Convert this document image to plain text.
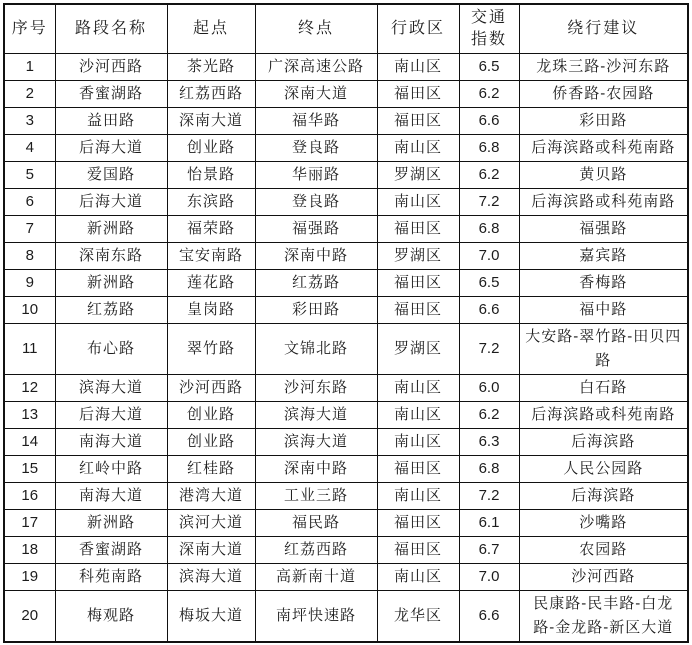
序号	路段名称	起点	终点	行政区	交通指数	绕行建议
1	沙河西路	茶光路	广深高速公路	南山区	6.5	龙珠三路-沙河东路
2	香蜜湖路	红荔西路	深南大道	福田区	6.2	侨香路-农园路
3	益田路	深南大道	福华路	福田区	6.6	彩田路
4	后海大道	创业路	登良路	南山区	6.8	后海滨路或科苑南路
5	爱国路	怡景路	华丽路	罗湖区	6.2	黄贝路
6	后海大道	东滨路	登良路	南山区	7.2	后海滨路或科苑南路
7	新洲路	福荣路	福强路	福田区	6.8	福强路
8	深南东路	宝安南路	深南中路	罗湖区	7.0	嘉宾路
9	新洲路	莲花路	红荔路	福田区	6.5	香梅路
10	红荔路	皇岗路	彩田路	福田区	6.6	福中路
11	布心路	翠竹路	文锦北路	罗湖区	7.2	大安路-翠竹路-田贝四路
12	滨海大道	沙河西路	沙河东路	南山区	6.0	白石路
13	后海大道	创业路	滨海大道	南山区	6.2	后海滨路或科苑南路
14	南海大道	创业路	滨海大道	南山区	6.3	后海滨路
15	红岭中路	红桂路	深南中路	福田区	6.8	人民公园路
16	南海大道	港湾大道	工业三路	南山区	7.2	后海滨路
17	新洲路	滨河大道	福民路	福田区	6.1	沙嘴路
18	香蜜湖路	深南大道	红荔西路	福田区	6.7	农园路
19	科苑南路	滨海大道	高新南十道	南山区	7.0	沙河西路
20	梅观路	梅坂大道	南坪快速路	龙华区	6.6	民康路-民丰路-白龙路-金龙路-新区大道
